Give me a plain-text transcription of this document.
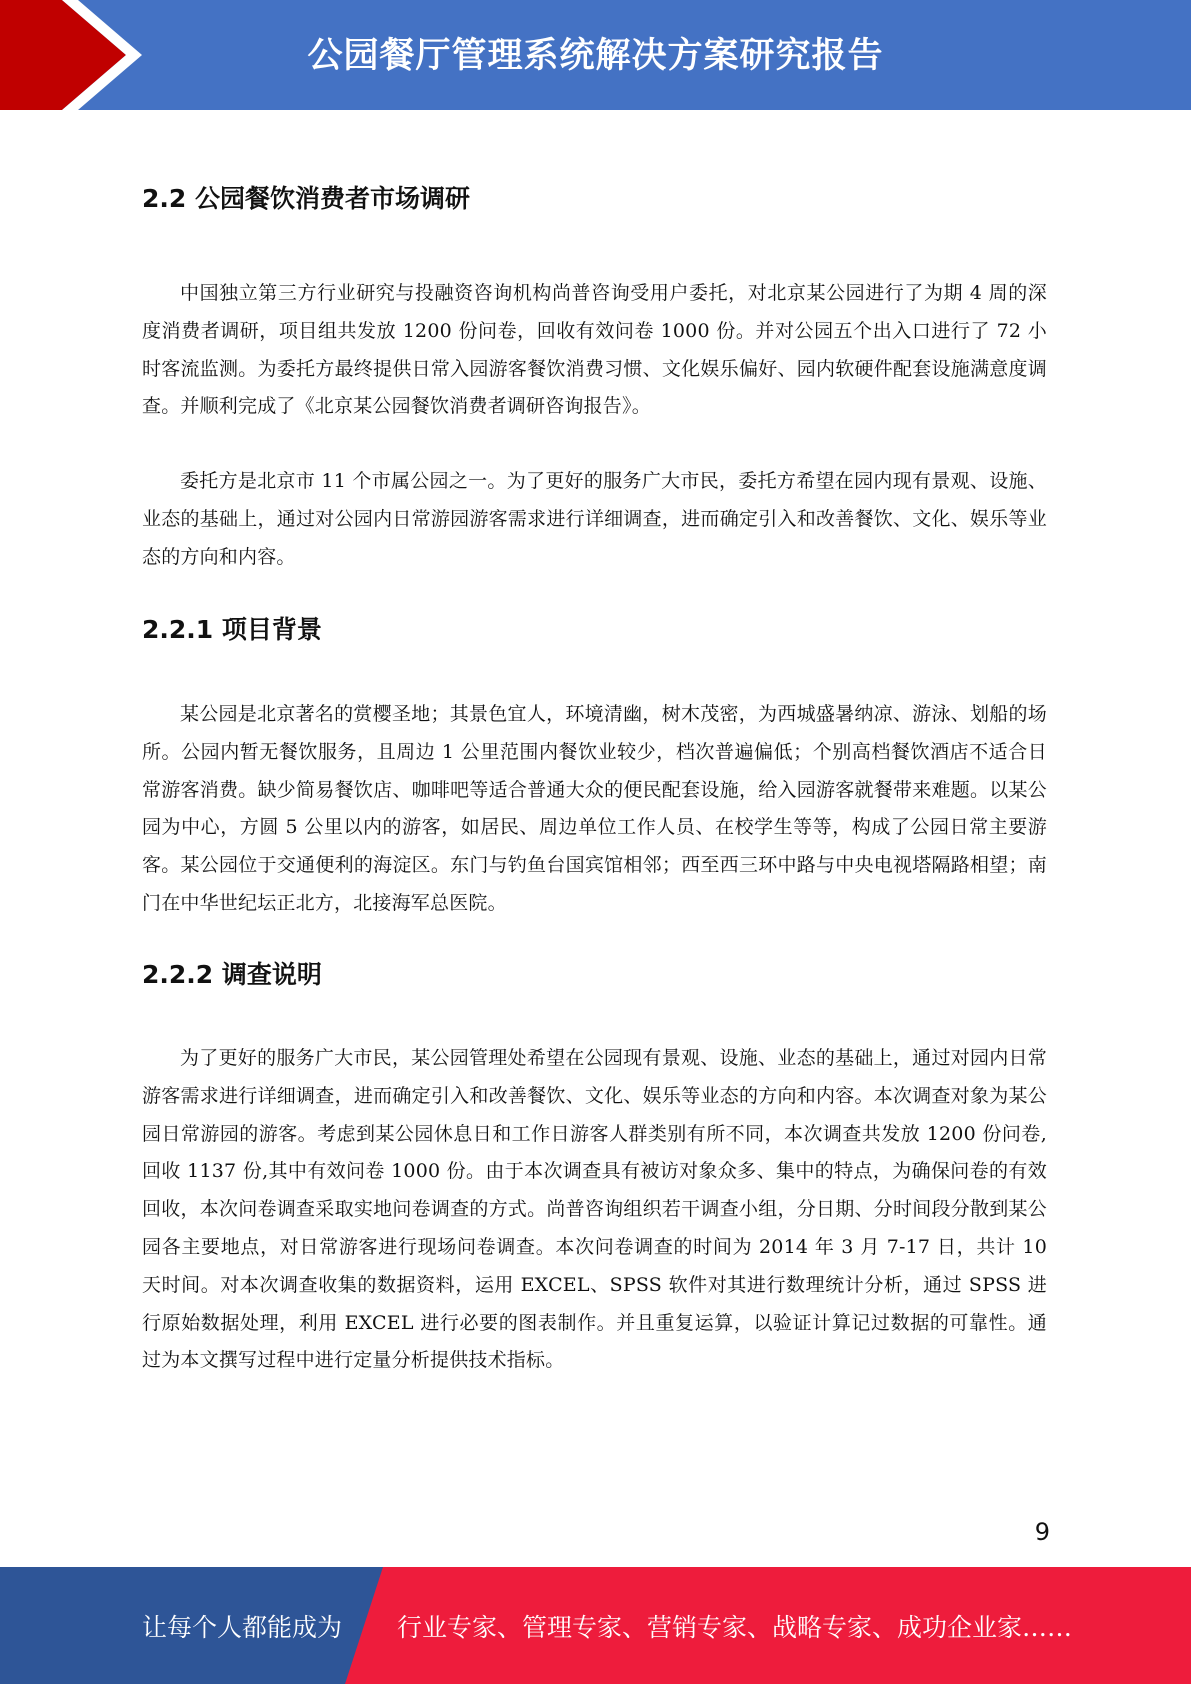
公园餐厅管理系统解决方案研究报告
2.2 公园餐饮消费者市场调研

中国独立第三方行业研究与投融资咨询机构尚普咨询受用户委托，对北京某公园进行了为期 4 周的深度消费者调研，项目组共发放 1200 份问卷，回收有效问卷 1000 份。并对公园五个出入口进行了 72 小时客流监测。为委托方最终提供日常入园游客餐饮消费习惯、文化娱乐偏好、园内软硬件配套设施满意度调查。并顺利完成了《北京某公园餐饮消费者调研咨询报告》。

委托方是北京市 11 个市属公园之一。为了更好的服务广大市民，委托方希望在园内现有景观、设施、业态的基础上，通过对公园内日常游园游客需求进行详细调查，进而确定引入和改善餐饮、文化、娱乐等业态的方向和内容。

2.2.1 项目背景

某公园是北京著名的赏樱圣地；其景色宜人，环境清幽，树木茂密，为西城盛暑纳凉、游泳、划船的场所。公园内暂无餐饮服务，且周边 1 公里范围内餐饮业较少，档次普遍偏低；个别高档餐饮酒店不适合日常游客消费。缺少简易餐饮店、咖啡吧等适合普通大众的便民配套设施，给入园游客就餐带来难题。以某公园为中心，方圆 5 公里以内的游客，如居民、周边单位工作人员、在校学生等等，构成了公园日常主要游客。某公园位于交通便利的海淀区。东门与钓鱼台国宾馆相邻；西至西三环中路与中央电视塔隔路相望；南门在中华世纪坛正北方，北接海军总医院。

2.2.2 调查说明

为了更好的服务广大市民，某公园管理处希望在公园现有景观、设施、业态的基础上，通过对园内日常游客需求进行详细调查，进而确定引入和改善餐饮、文化、娱乐等业态的方向和内容。本次调查对象为某公园日常游园的游客。考虑到某公园休息日和工作日游客人群类别有所不同，本次调查共发放 1200 份问卷,回收 1137 份,其中有效问卷 1000 份。由于本次调查具有被访对象众多、集中的特点，为确保问卷的有效回收，本次问卷调查采取实地问卷调查的方式。尚普咨询组织若干调查小组，分日期、分时间段分散到某公园各主要地点，对日常游客进行现场问卷调查。本次问卷调查的时间为 2014 年 3 月 7-17 日，共计 10 天时间。对本次调查收集的数据资料，运用 EXCEL、SPSS 软件对其进行数理统计分析，通过 SPSS 进行原始数据处理，利用 EXCEL 进行必要的图表制作。并且重复运算，以验证计算记过数据的可靠性。通过为本文撰写过程中进行定量分析提供技术指标。

9
让每个人都能成为 行业专家、管理专家、营销专家、战略专家、成功企业家……
